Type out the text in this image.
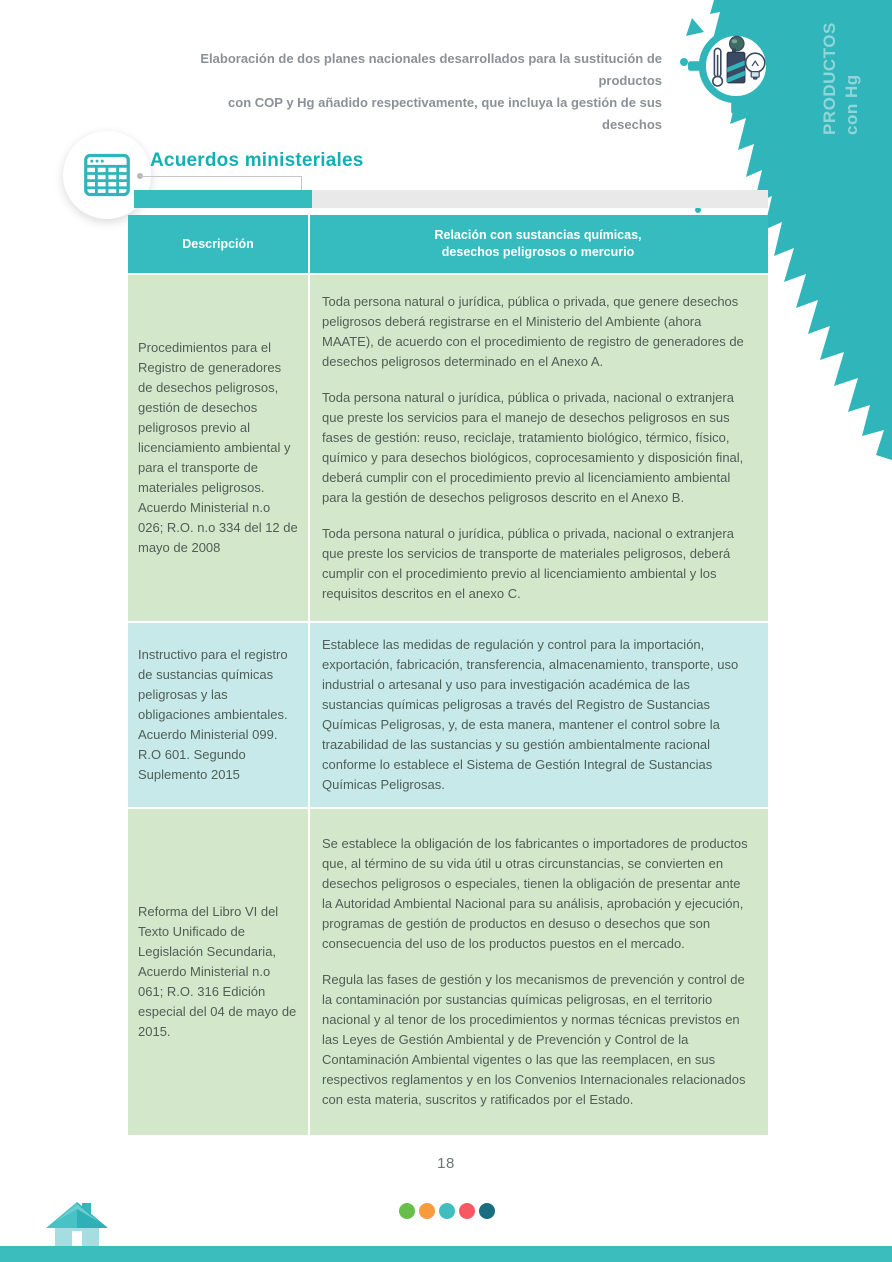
PRODUCTOS con Hg
Elaboración de dos planes nacionales desarrollados para la sustitución de productos
con COP y Hg añadido respectivamente, que incluya la gestión de sus desechos
Acuerdos ministeriales
Descripción
Relación con sustancias químicas,
desechos peligrosos o mercurio
Procedimientos para el Registro de generadores de desechos peligrosos, gestión de desechos peligrosos previo al licenciamiento ambiental y para el transporte de materiales peligrosos. Acuerdo Ministerial n.o 026; R.O. n.o 334 del 12 de mayo de 2008
Toda persona natural o jurídica, pública o privada, que genere desechos peligrosos deberá registrarse en el Ministerio del Ambiente (ahora MAATE), de acuerdo con el procedimiento de registro de generadores de desechos peligrosos determinado en el Anexo A.
Toda persona natural o jurídica, pública o privada, nacional o extranjera que preste los servicios para el manejo de desechos peligrosos en sus fases de gestión: reuso, reciclaje, tratamiento biológico, térmico, físico, químico y para desechos biológicos, coprocesamiento y disposición final, deberá cumplir con el procedimiento previo al licenciamiento ambiental para la gestión de desechos peligrosos descrito en el Anexo B.
Toda persona natural o jurídica, pública o privada, nacional o extranjera que preste los servicios de transporte de materiales peligrosos, deberá cumplir con el procedimiento previo al licenciamiento ambiental y los requisitos descritos en el anexo C.
Instructivo para el registro de sustancias químicas peligrosas y las obligaciones ambientales. Acuerdo Ministerial 099. R.O 601. Segundo Suplemento 2015
Establece las medidas de regulación y control para la importación, exportación, fabricación, transferencia, almacenamiento, transporte, uso industrial o artesanal y uso para investigación académica de las sustancias químicas peligrosas a través del Registro de Sustancias Químicas Peligrosas, y, de esta manera, mantener el control sobre la trazabilidad de las sustancias y su gestión ambientalmente racional conforme lo establece el Sistema de Gestión Integral de Sustancias Químicas Peligrosas.
Reforma del Libro VI del Texto Unificado de Legislación Secundaria, Acuerdo Ministerial n.o 061; R.O. 316 Edición especial del 04 de mayo de 2015.
Se establece la obligación de los fabricantes o importadores de productos que, al término de su vida útil u otras circunstancias, se convierten en desechos peligrosos o especiales, tienen la obligación de presentar ante la Autoridad Ambiental Nacional para su análisis, aprobación y ejecución, programas de gestión de productos en desuso o desechos que son consecuencia del uso de los productos puestos en el mercado.
Regula las fases de gestión y los mecanismos de prevención y control de la contaminación por sustancias químicas peligrosas, en el territorio nacional y al tenor de los procedimientos y normas técnicas previstos en las Leyes de Gestión Ambiental y de Prevención y Control de la Contaminación Ambiental vigentes o las que las reemplacen, en sus respectivos reglamentos y en los Convenios Internacionales relacionados con esta materia, suscritos y ratificados por el Estado.
18
